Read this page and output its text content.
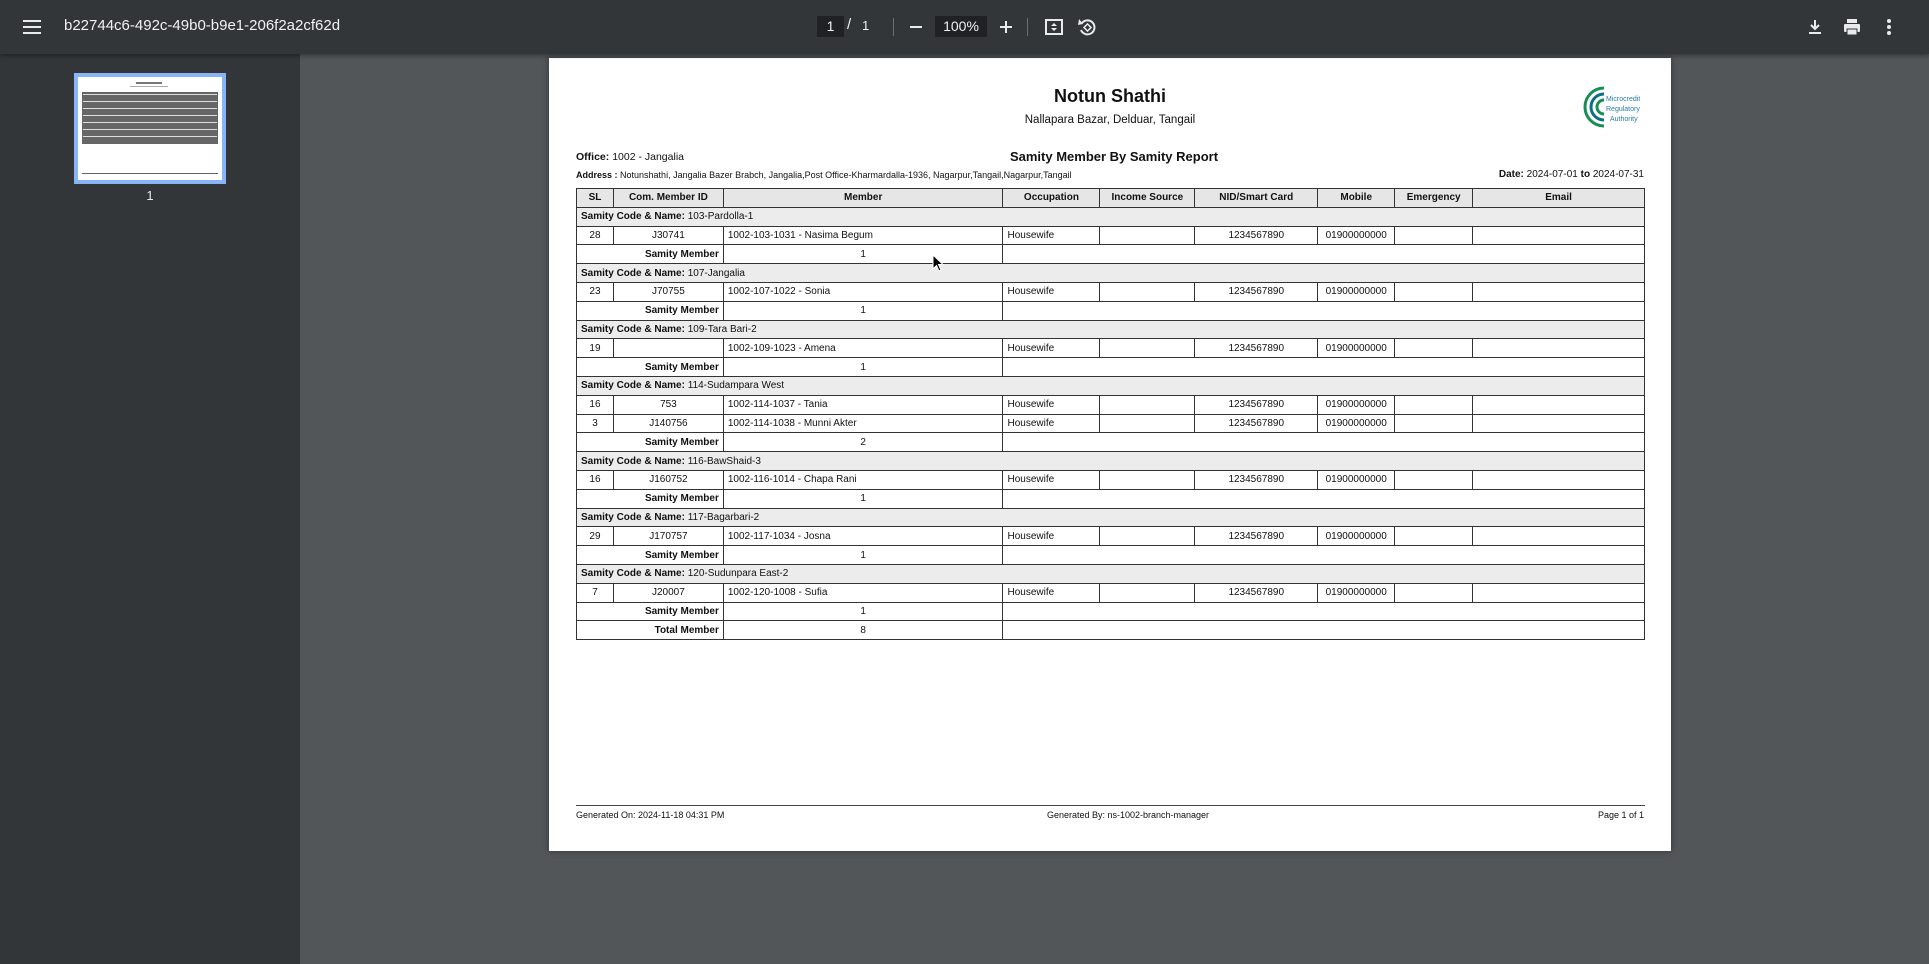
b22744c6-492c-49b0-b9e1-206f2a2cf62d	1 / 1	100%
1
Notun Shathi
Nallapara Bazar, Delduar, Tangail
Microcredit
Regulatory
Authority
Office: 1002 - Jangalia	Samity Member By Samity Report
Address : Notunshathi, Jangalia Bazer Brabch, Jangalia,Post Office-Kharmardalla-1936, Nagarpur,Tangail,Nagarpur,Tangail	Date: 2024-07-01 to 2024-07-31
SL	Com. Member ID	Member	Occupation	Income Source	NID/Smart Card	Mobile	Emergency	Email
Samity Code & Name: 103-Pardolla-1								
28	J30741	1002-103-1031 - Nasima Begum	Housewife		1234567890	01900000000		
Samity Member		1						
Samity Code & Name: 107-Jangalia								
23	J70755	1002-107-1022 - Sonia	Housewife		1234567890	01900000000		
Samity Member		1						
Samity Code & Name: 109-Tara Bari-2								
19		1002-109-1023 - Amena	Housewife		1234567890	01900000000		
Samity Member		1						
Samity Code & Name: 114-Sudampara West								
16	753	1002-114-1037 - Tania	Housewife		1234567890	01900000000		
3	J140756	1002-114-1038 - Munni Akter	Housewife		1234567890	01900000000		
Samity Member		2						
Samity Code & Name: 116-BawShaid-3								
16	J160752	1002-116-1014 - Chapa Rani	Housewife		1234567890	01900000000		
Samity Member		1						
Samity Code & Name: 117-Bagarbari-2								
29	J170757	1002-117-1034 - Josna	Housewife		1234567890	01900000000		
Samity Member		1						
Samity Code & Name: 120-Sudunpara East-2								
7	J20007	1002-120-1008 - Sufia	Housewife		1234567890	01900000000		
Samity Member		1						
Total Member		8						
Generated On: 2024-11-18 04:31 PM	Generated By: ns-1002-branch-manager	Page 1 of 1
